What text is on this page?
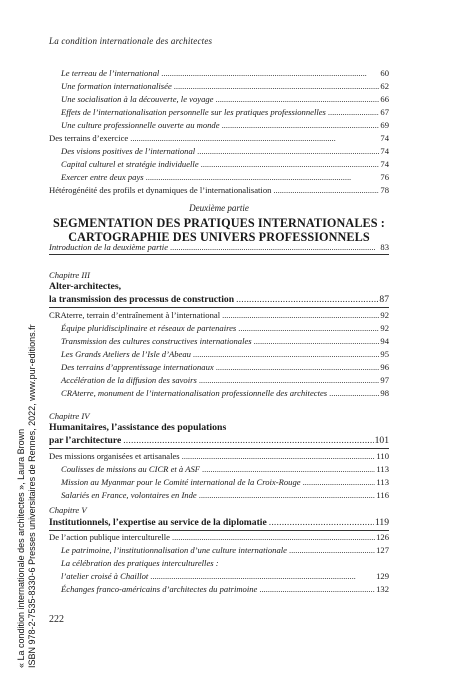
La condition internationale des architectes
Le terreau de l’international . . .	60
Une formation internationalisée . . .	62
Une socialisation à la découverte, le voyage . . .	66
Effets de l’internationalisation personnelle sur les pratiques professionnelles . . .	67
Une culture professionnelle ouverte au monde . . .	69
Des terrains d’exercice . . .	74
Des visions positives de l’international . . .	74
Capital culturel et stratégie individuelle . . .	74
Exercer entre deux pays . . .	76
Hétérogénéité des profils et dynamiques de l’internationalisation . . .	78
Deuxième partie
SEGMENTATION DES PRATIQUES INTERNATIONALES :
CARTOGRAPHIE DES UNIVERS PROFESSIONNELS
Introduction de la deuxième partie . . .	83
Chapitre III
Alter-architectes,
la transmission des processus de construction . . .	87
CRAterre, terrain d’entraînement à l’international . . .	92
Équipe pluridisciplinaire et réseaux de partenaires . . .	92
Transmission des cultures constructives internationales . . .	94
Les Grands Ateliers de l’Isle d’Abeau . . .	95
Des terrains d’apprentissage internationaux . . .	96
Accélération de la diffusion des savoirs . . .	97
CRAterre, monument de l’internationalisation professionnelle des architectes . . .	98
Chapitre IV
Humanitaires, l’assistance des populations
par l’architecture . . .	101
Des missions organisées et artisanales . . .	110
Coulisses de missions au CICR et à ASF . . .	113
Mission au Myanmar pour le Comité international de la Croix-Rouge . . .	113
Salariés en France, volontaires en Inde . . .	116
Chapitre V
Institutionnels, l’expertise au service de la diplomatie . . .	119
De l’action publique interculturelle . . .	126
Le patrimoine, l’institutionnalisation d’une culture internationale . . .	127
La célébration des pratiques interculturelles :
l’atelier croisé à Chaillot . . .	129
Échanges franco-américains d’architectes du patrimoine . . .	132
222
« La condition internationale des architectes », Laura Brown ISBN 978-2-7535-8330-6 Presses universitaires de Rennes, 2022, www.pur-editions.fr
